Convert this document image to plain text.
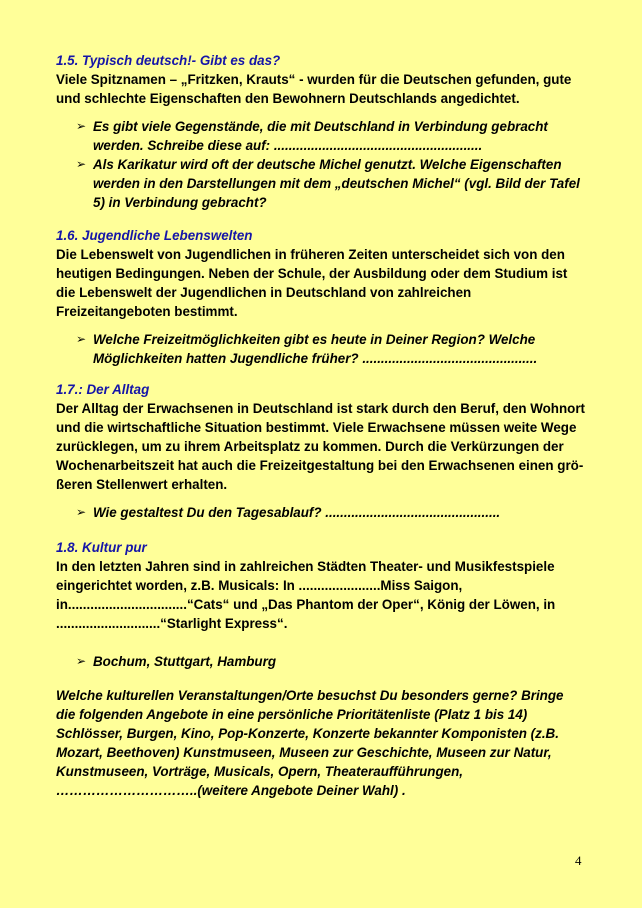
1.5. Typisch deutsch!- Gibt es das?

Viele Spitznamen – „Fritzken, Krauts“ - wurden für die Deutschen gefunden, gute und schlechte Eigenschaften den Bewohnern Deutschlands angedichtet.

➢ Es gibt viele Gegenstände, die mit Deutschland in Verbindung gebracht werden. Schreibe diese auf: ........................................................
➢ Als Karikatur wird oft der deutsche Michel genutzt. Welche Eigenschaften werden in den Darstellungen mit dem „deutschen Michel“ (vgl. Bild der Tafel 5) in Verbindung gebracht?

1.6. Jugendliche Lebenswelten

Die Lebenswelt von Jugendlichen in früheren Zeiten unterscheidet sich von den heutigen Bedingungen. Neben der Schule, der Ausbildung oder dem Studium ist die Lebenswelt der Jugendlichen in Deutschland von zahlreichen Freizeitangeboten bestimmt.

➢ Welche Freizeitmöglichkeiten gibt es heute in Deiner Region? Welche Möglichkeiten hatten Jugendliche früher? ...............................................

1.7.: Der Alltag

Der Alltag der Erwachsenen in Deutschland ist stark durch den Beruf, den Wohnort und die wirtschaftliche Situation bestimmt. Viele Erwachsene müssen weite Wege zurücklegen, um zu ihrem Arbeitsplatz zu kommen. Durch die Verkürzungen der Wochenarbeitszeit hat auch die Freizeitgestaltung bei den Erwachsenen einen grö-ßeren Stellenwert erhalten.

➢ Wie gestaltest Du den Tagesablauf? ...............................................

1.8. Kultur pur

In den letzten Jahren sind in zahlreichen Städten Theater- und Musikfestspiele eingerichtet worden, z.B. Musicals: In ......................Miss Saigon, in................................“Cats“ und „Das Phantom der Oper“, König der Löwen, in ............................“Starlight Express“.

➢ Bochum, Stuttgart, Hamburg

Welche kulturellen Veranstaltungen/Orte besuchst Du besonders gerne? Bringe die folgenden Angebote in eine persönliche Prioritätenliste (Platz 1 bis 14) Schlösser, Burgen, Kino, Pop-Konzerte, Konzerte bekannter Komponisten (z.B. Mozart, Beethoven) Kunstmuseen, Museen zur Geschichte, Museen zur Natur, Kunstmuseen, Vorträge, Musicals, Opern, Theateraufführungen, …………………………..(weitere Angebote Deiner Wahl) .

4
